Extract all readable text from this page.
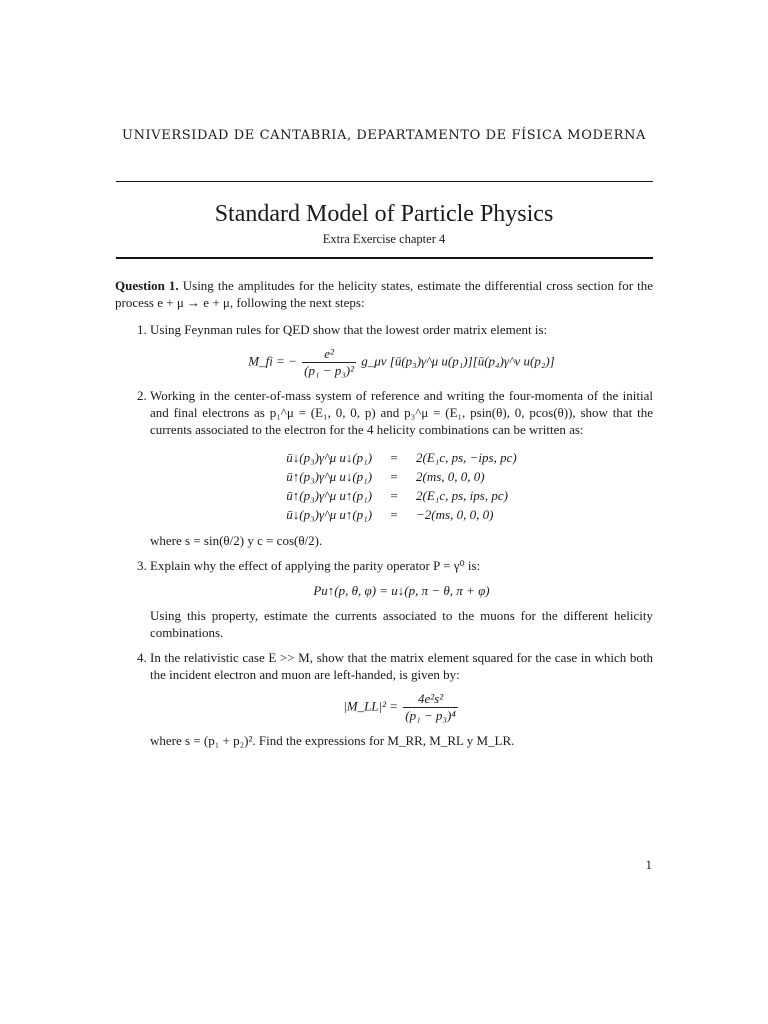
UNIVERSIDAD DE CANTABRIA, DEPARTAMENTO DE FÍSICA MODERNA
Standard Model of Particle Physics
Extra Exercise chapter 4

Question 1. Using the amplitudes for the helicity states, estimate the differential cross section for the process e + μ → e + μ, following the next steps:

1. Using Feynman rules for QED show that the lowest order matrix element is:
M_fi = − $\frac{\text{e²}}{\text{(p₁ − p₃)²}}$ g_μν [ū(p₃)γ^μ u(p₁)][ū(p₄)γ^ν u(p₂)]
2. Working in the center-of-mass system of reference and writing the four-momenta of the initial and final electrons as p₁^μ = (E₁, 0, 0, p) and p₃^μ = (E₁, psin(θ), 0, pcos(θ)), show that the currents associated to the electron for the 4 helicity combinations can be written as:
ū↓(p₃)γ^μ u↓(p₁)	=	2(E₁c, ps, −ips, pc)
ū↑(p₃)γ^μ u↓(p₁)	=	2(ms, 0, 0, 0)
ū↑(p₃)γ^μ u↑(p₁)	=	2(E₁c, ps, ips, pc)
ū↓(p₃)γ^μ u↑(p₁)	=	−2(ms, 0, 0, 0)
where s = sin(θ/2) y c = cos(θ/2).
3. Explain why the effect of applying the parity operator P = γ⁰ is:
Pu↑(p, θ, φ) = u↓(p, π − θ, π + φ)
Using this property, estimate the currents associated to the muons for the different helicity combinations.
4. In the relativistic case E >> M, show that the matrix element squared for the case in which both the incident electron and muon are left-handed, is given by:
|M_LL|² = $\frac{\text{4e²s²}}{\text{(p₁ − p₃)⁴}}$
where s = (p₁ + p₂)². Find the expressions for M_RR, M_RL y M_LR.
1
